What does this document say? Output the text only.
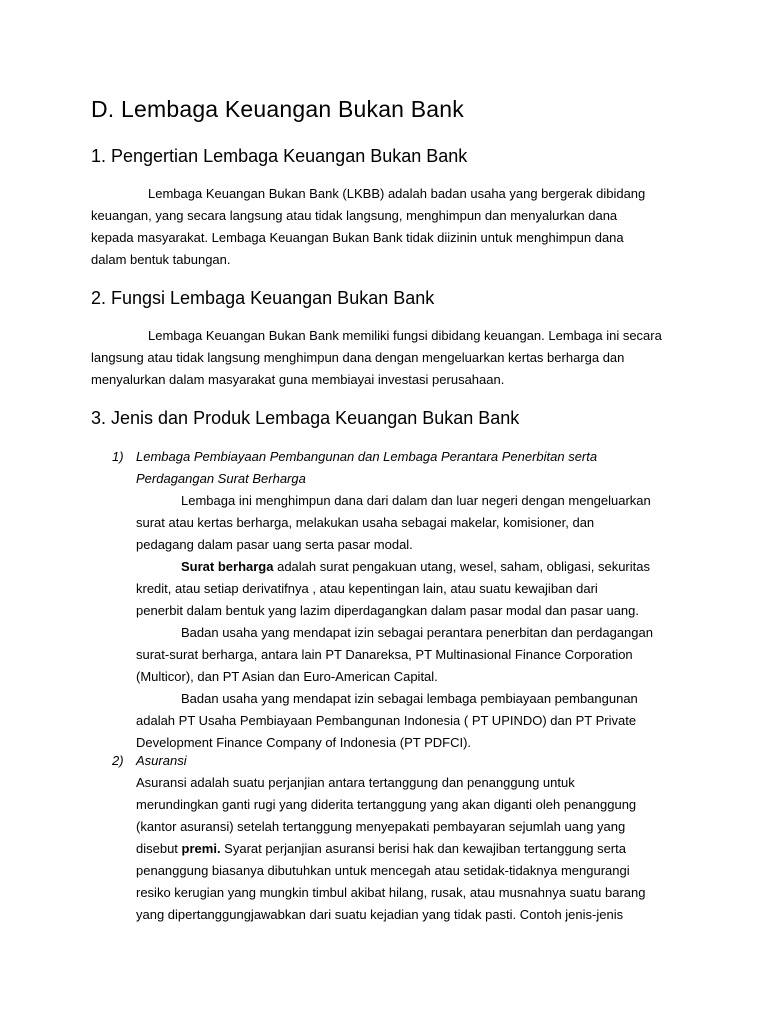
D. Lembaga Keuangan Bukan Bank
1. Pengertian Lembaga Keuangan Bukan Bank
Lembaga Keuangan Bukan Bank (LKBB) adalah badan usaha yang bergerak dibidang
keuangan, yang secara langsung atau tidak langsung, menghimpun dan menyalurkan dana
kepada masyarakat. Lembaga Keuangan Bukan Bank tidak diizinin untuk menghimpun dana
dalam bentuk tabungan.
2. Fungsi Lembaga Keuangan Bukan Bank
Lembaga Keuangan Bukan Bank memiliki fungsi dibidang keuangan. Lembaga ini secara
langsung atau tidak langsung menghimpun dana dengan mengeluarkan kertas berharga dan
menyalurkan dalam masyarakat guna membiayai investasi perusahaan.
3. Jenis dan Produk Lembaga Keuangan Bukan Bank
1) Lembaga Pembiayaan Pembangunan dan Lembaga Perantara Penerbitan serta
Perdagangan Surat Berharga
Lembaga ini menghimpun dana dari dalam dan luar negeri dengan mengeluarkan
surat atau kertas berharga, melakukan usaha sebagai makelar, komisioner, dan
pedagang dalam pasar uang serta pasar modal.
Surat berharga adalah surat pengakuan utang, wesel, saham, obligasi, sekuritas
kredit, atau setiap derivatifnya , atau kepentingan lain, atau suatu kewajiban dari
penerbit dalam bentuk yang lazim diperdagangkan dalam pasar modal dan pasar uang.
Badan usaha yang mendapat izin sebagai perantara penerbitan dan perdagangan
surat-surat berharga, antara lain PT Danareksa, PT Multinasional Finance Corporation
(Multicor), dan PT Asian dan Euro-American Capital.
Badan usaha yang mendapat izin sebagai lembaga pembiayaan pembangunan
adalah PT Usaha Pembiayaan Pembangunan Indonesia ( PT UPINDO) dan PT Private
Development Finance Company of Indonesia (PT PDFCI).
2) Asuransi
Asuransi adalah suatu perjanjian antara tertanggung dan penanggung untuk
merundingkan ganti rugi yang diderita tertanggung yang akan diganti oleh penanggung
(kantor asuransi) setelah tertanggung menyepakati pembayaran sejumlah uang yang
disebut premi. Syarat perjanjian asuransi berisi hak dan kewajiban tertanggung serta
penanggung biasanya dibutuhkan untuk mencegah atau setidak-tidaknya mengurangi
resiko kerugian yang mungkin timbul akibat hilang, rusak, atau musnahnya suatu barang
yang dipertanggungjawabkan dari suatu kejadian yang tidak pasti. Contoh jenis-jenis
